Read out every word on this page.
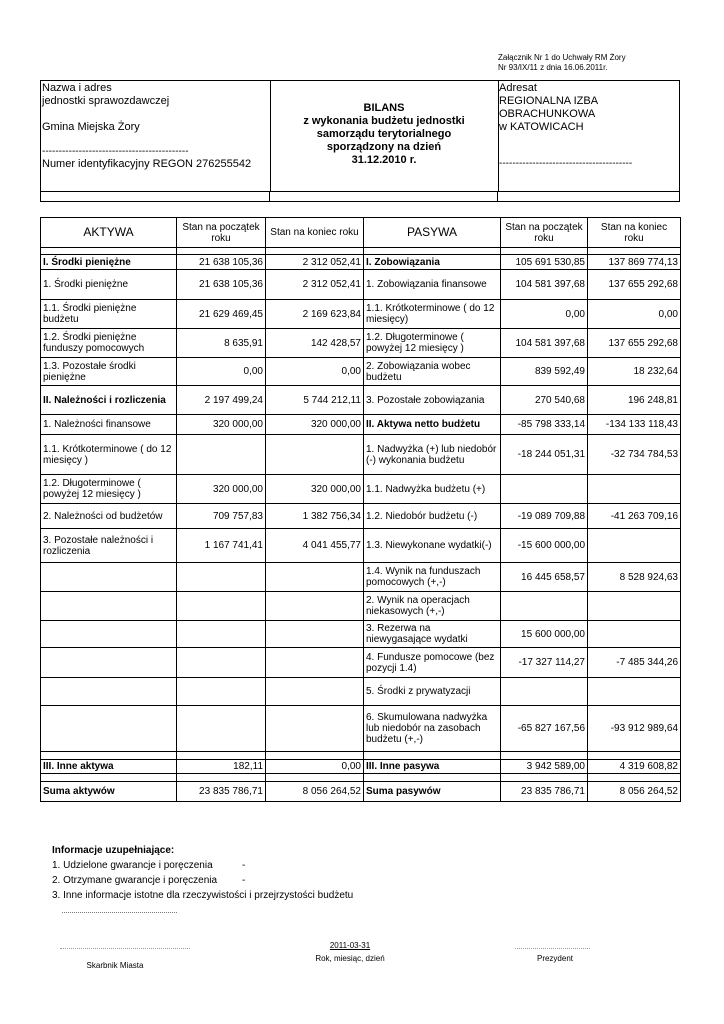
Załącznik Nr 1 do Uchwały RM Żory
Nr 93/IX/11 z dnia 16.06.2011r.
Nazwa i adres
jednostki sprawozdawczej
Gmina Miejska Żory
--------------------------------------------
Numer identyfikacyjny REGON 276255542
BILANS
z wykonania budżetu jednostki
samorządu terytorialnego
sporządzony na dzień
31.12.2010 r.
Adresat
REGIONALNA IZBA
OBRACHUNKOWA
w KATOWICACH
----------------------------------------
AKTYWA	Stan na początek roku	Stan na koniec roku	PASYWA	Stan na początek roku	Stan na koniec roku

I. Środki pieniężne	21 638 105,36	2 312 052,41	I. Zobowiązania	105 691 530,85	137 869 774,13
1. Środki pieniężne	21 638 105,36	2 312 052,41	1. Zobowiązania finansowe	104 581 397,68	137 655 292,68
1.1. Środki pieniężne budżetu	21 629 469,45	2 169 623,84	1.1. Krótkoterminowe ( do 12 miesięcy)	0,00	0,00
1.2. Środki pieniężne funduszy pomocowych	8 635,91	142 428,57	1.2. Długoterminowe ( powyżej 12 miesięcy )	104 581 397,68	137 655 292,68
1.3. Pozostałe środki pieniężne	0,00	0,00	2. Zobowiązania wobec budżetu	839 592,49	18 232,64
II. Należności i rozliczenia	2 197 499,24	5 744 212,11	3. Pozostałe zobowiązania	270 540,68	196 248,81
1. Należności finansowe	320 000,00	320 000,00	II. Aktywa netto budżetu	-85 798 333,14	-134 133 118,43
1.1. Krótkoterminowe ( do 12 miesięcy )			1. Nadwyżka (+) lub niedobór (-) wykonania budżetu	-18 244 051,31	-32 734 784,53
1.2. Długoterminowe ( powyżej 12 miesięcy )	320 000,00	320 000,00	1.1. Nadwyżka budżetu (+)		
2. Należności od budżetów	709 757,83	1 382 756,34	1.2. Niedobór budżetu (-)	-19 089 709,88	-41 263 709,16
3. Pozostałe należności i rozliczenia	1 167 741,41	4 041 455,77	1.3. Niewykonane wydatki(-)	-15 600 000,00	
			1.4. Wynik na funduszach pomocowych (+,-)	16 445 658,57	8 528 924,63
			2. Wynik na operacjach niekasowych (+,-)		
			3. Rezerwa na niewygasające wydatki	15 600 000,00	
			4. Fundusze pomocowe (bez pozycji 1.4)	-17 327 114,27	-7 485 344,26
			5. Środki z prywatyzacji		
			6. Skumulowana nadwyżka lub niedobór na zasobach budżetu (+,-)	-65 827 167,56	-93 912 989,64

III. Inne aktywa	182,11	0,00	III. Inne pasywa	3 942 589,00	4 319 608,82

Suma aktywów	23 835 786,71	8 056 264,52	Suma pasywów	23 835 786,71	8 056 264,52
Informacje uzupełniające:
1. Udzielone gwarancje i poręczenia	-
2. Otrzymane gwarancje i poręczenia -
3. Inne informacje istotne dla rzeczywistości i przejrzystości budżetu
Skarbnik Miasta
2011-03-31
Rok, miesiąc, dzień	Prezydent
